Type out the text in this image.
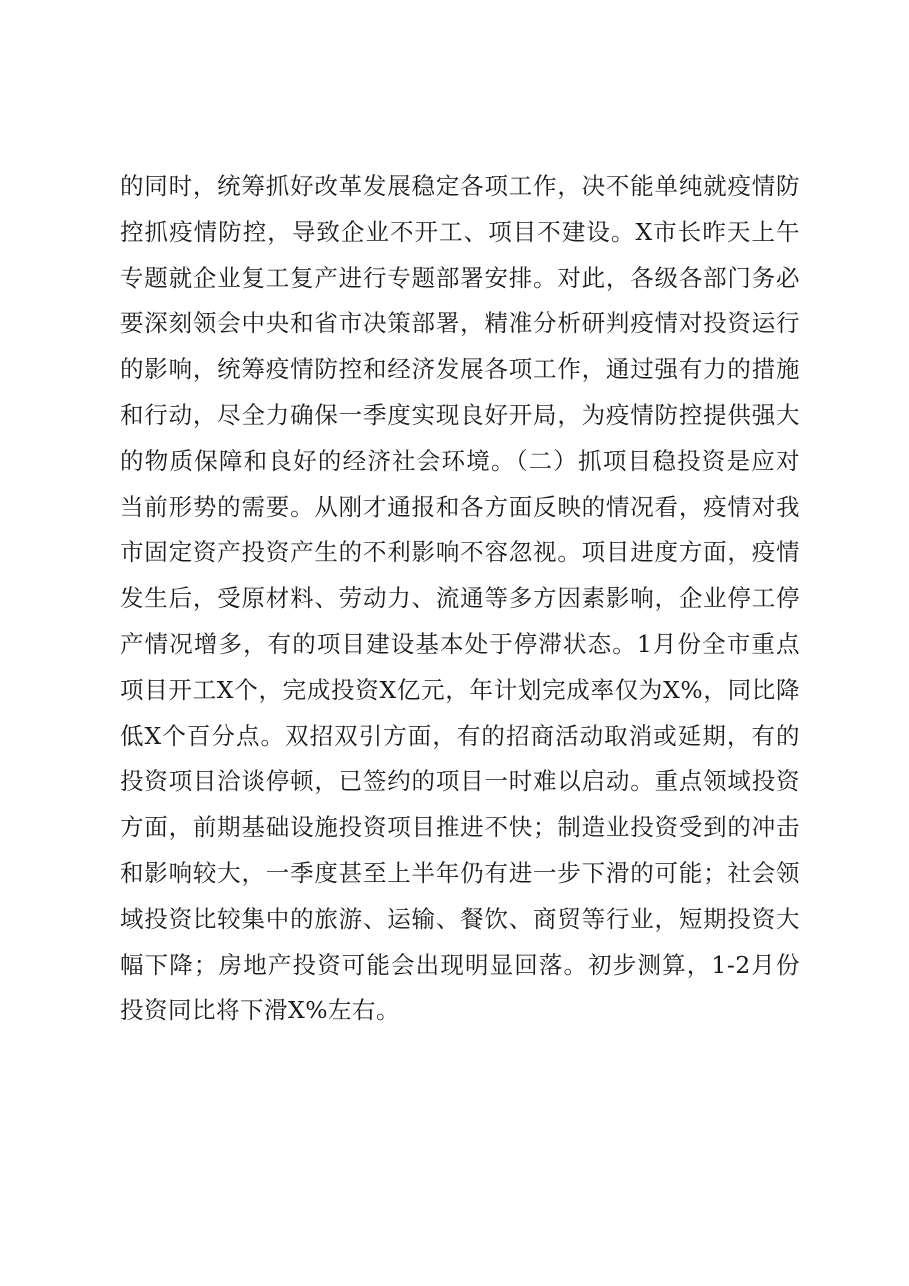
的同时，统筹抓好改革发展稳定各项工作，决不能单纯就疫情防控抓疫情防控，导致企业不开工、项目不建设。X市长昨天上午专题就企业复工复产进行专题部署安排。对此，各级各部门务必要深刻领会中央和省市决策部署，精准分析研判疫情对投资运行的影响，统筹疫情防控和经济发展各项工作，通过强有力的措施和行动，尽全力确保一季度实现良好开局，为疫情防控提供强大的物质保障和良好的经济社会环境。（二）抓项目稳投资是应对当前形势的需要。从刚才通报和各方面反映的情况看，疫情对我市固定资产投资产生的不利影响不容忽视。项目进度方面，疫情发生后，受原材料、劳动力、流通等多方因素影响，企业停工停产情况增多，有的项目建设基本处于停滞状态。1月份全市重点项目开工X个，完成投资X亿元，年计划完成率仅为X%，同比降低X个百分点。双招双引方面，有的招商活动取消或延期，有的投资项目洽谈停顿，已签约的项目一时难以启动。重点领域投资方面，前期基础设施投资项目推进不快；制造业投资受到的冲击和影响较大，一季度甚至上半年仍有进一步下滑的可能；社会领域投资比较集中的旅游、运输、餐饮、商贸等行业，短期投资大幅下降；房地产投资可能会出现明显回落。初步测算，1-2月份投资同比将下滑X%左右。
